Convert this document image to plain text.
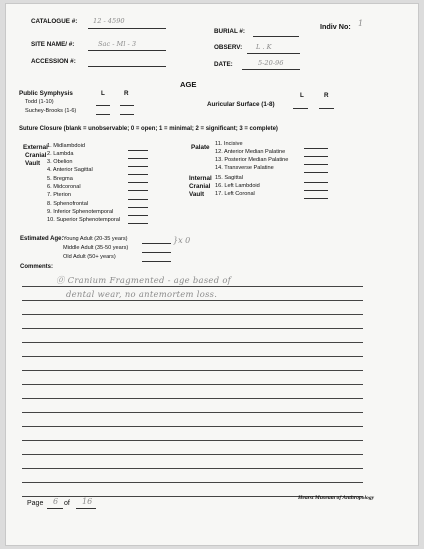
CATALOGUE #: 12 - 4590
BURIAL #:
Indiv No: 1
SITE NAME/ #:	Sac - Ml - 3	OBSERV: L . K
ACCESSION #:	DATE:	5-20-96
AGE
Public Symphysis	L	R
Todd (1-10)
Suchey-Brooks (1-6)
L	R
Auricular Surface (1-8)
Suture Closure (blank = unobservable; 0 = open; 1 = minimal; 2 = significant; 3 = complete)
External
Cranial
Vault
1. Midlambdoid
2. Lambda
3. Obelion
4. Anterior Sagittal
5. Bregma
6. Midcoronal
7. Pterion
8. Sphenofrontal
9. Inferior Sphenotemporal
10. Superior Sphenotemporal
Palate 11. Incisive
12. Anterior Median Palatine
13. Posterior Median Palatine
14. Transverse Palatine
Internal
Cranial
Vault
15. Sagittal
16. Left Lambdoid
17. Left Coronal
Estimated Age: Young Adult (20-35 years)
Middle Adult (35-50 years)
Old Adult (50+ years)
}x 0
Comments:
⓪ Cranium Fragmented - age based of
dental wear, no antemortem loss.
Page 6 of 16	Hearst Museum of Anthropology
